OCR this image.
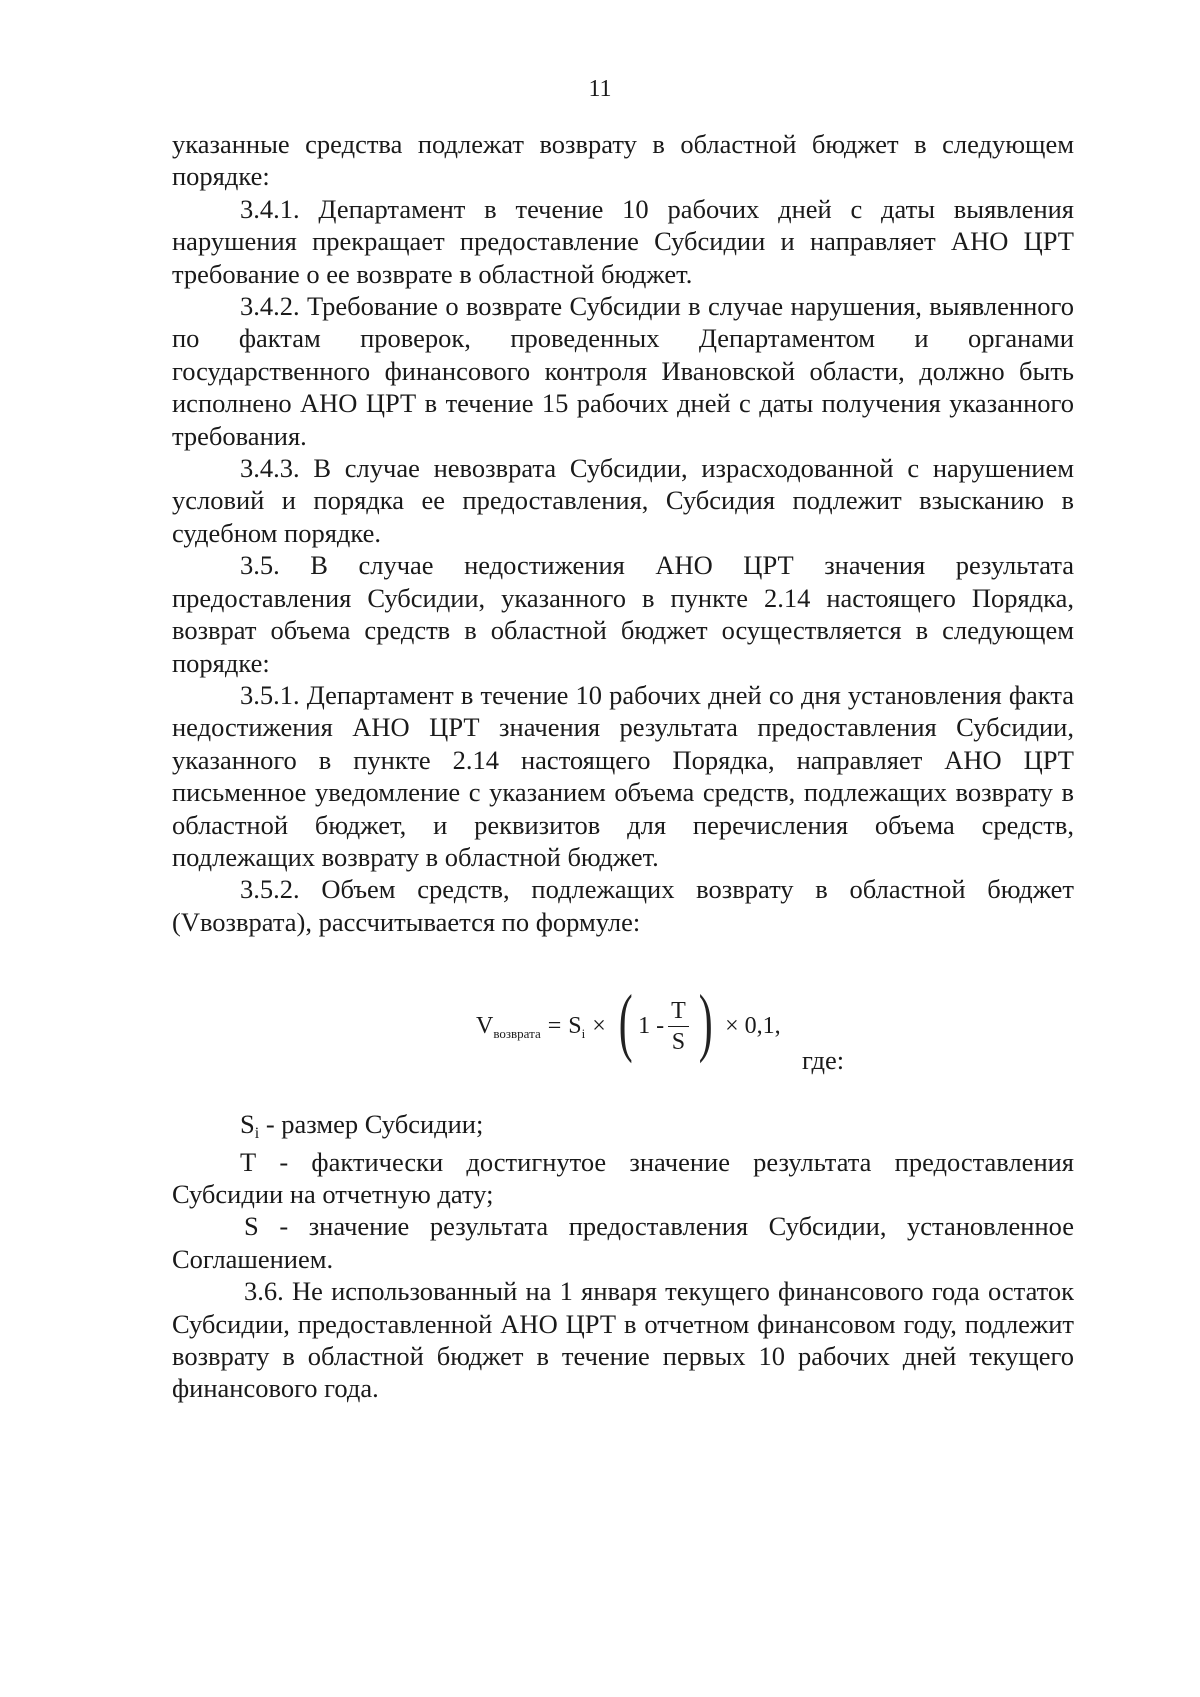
11

указанные средства подлежат возврату в областной бюджет в следующем порядке:

3.4.1. Департамент в течение 10 рабочих дней с даты выявления нарушения прекращает предоставление Субсидии и направляет АНО ЦРТ требование о ее возврате в областной бюджет.

3.4.2. Требование о возврате Субсидии в случае нарушения, выявленного по фактам проверок, проведенных Департаментом и органами государственного финансового контроля Ивановской области, должно быть исполнено АНО ЦРТ в течение 15 рабочих дней с даты получения указанного требования.

3.4.3. В случае невозврата Субсидии, израсходованной с нарушением условий и порядка ее предоставления, Субсидия подлежит взысканию в судебном порядке.

3.5. В случае недостижения АНО ЦРТ значения результата предоставления Субсидии, указанного в пункте 2.14 настоящего Порядка, возврат объема средств в областной бюджет осуществляется в следующем порядке:

3.5.1. Департамент в течение 10 рабочих дней со дня установления факта недостижения АНО ЦРТ значения результата предоставления Субсидии, указанного в пункте 2.14 настоящего Порядка, направляет АНО ЦРТ письменное уведомление с указанием объема средств, подлежащих возврату в областной бюджет, и реквизитов для перечисления объема средств, подлежащих возврату в областной бюджет.

3.5.2. Объем средств, подлежащих возврату в областной бюджет (Vвозврата), рассчитывается по формуле:

V возврата = S i × ( $1 - \frac{T}{S}$ ) × 0,1,
где:

Si - размер Субсидии;

Т - фактически достигнутое значение результата предоставления Субсидии на отчетную дату;

S - значение результата предоставления Субсидии, установленное Соглашением.

3.6. Не использованный на 1 января текущего финансового года остаток Субсидии, предоставленной АНО ЦРТ в отчетном финансовом году, подлежит возврату в областной бюджет в течение первых 10 рабочих дней текущего финансового года.
